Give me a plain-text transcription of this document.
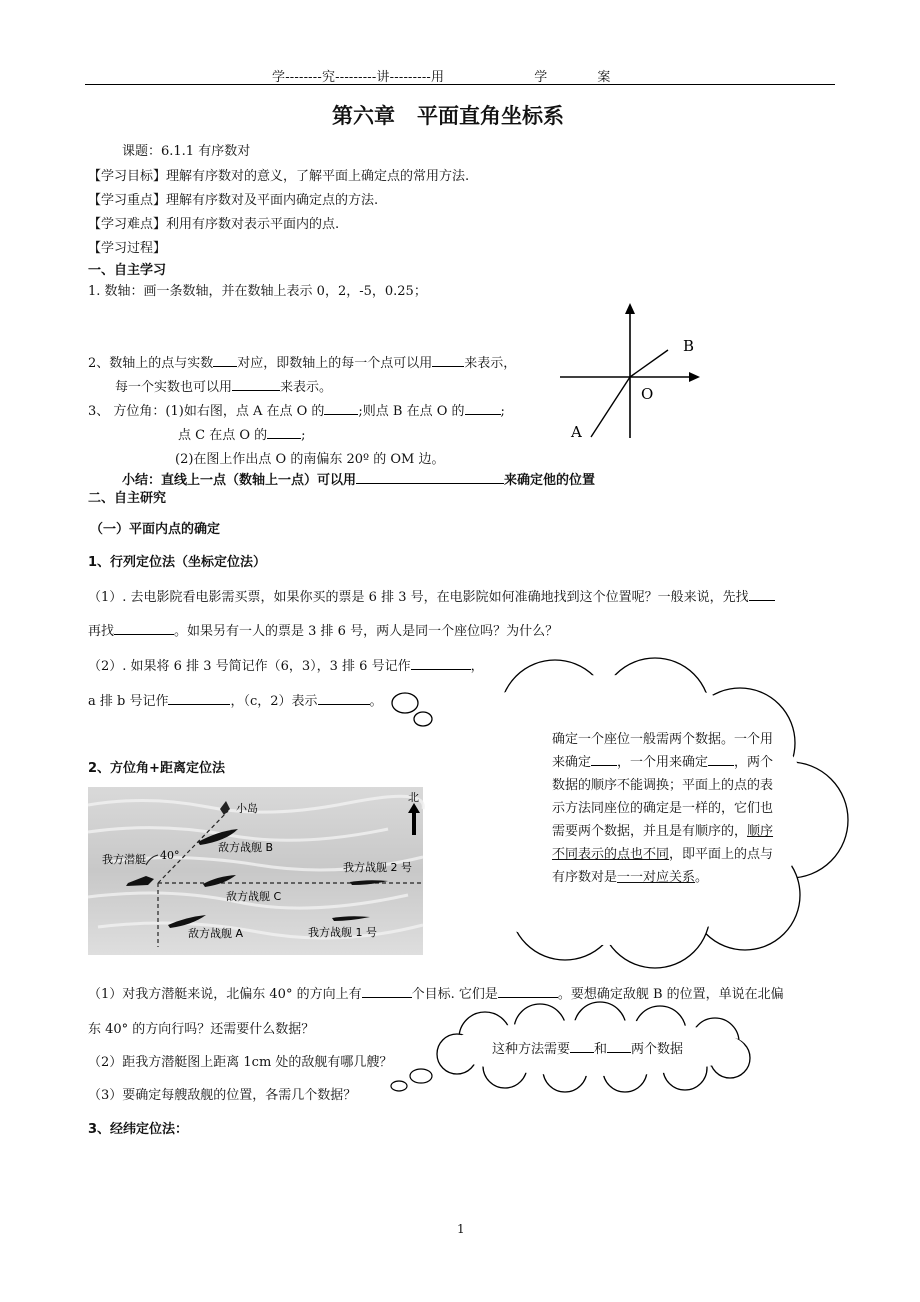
学--------究---------讲---------用	学	案
第六章 平面直角坐标系
课题：6.1.1 有序数对
【学习目标】理解有序数对的意义，了解平面上确定点的常用方法.
【学习重点】理解有序数对及平面内确定点的方法.
【学习难点】利用有序数对表示平面内的点.
【学习过程】
一、自主学习
1. 数轴：画一条数轴，并在数轴上表示 0，2，-5，0.25；
2、数轴上的点与实数 对应，即数轴上的每一个点可以用 来表示，
每一个实数也可以用	来表示。
3、 方位角：(1)如右图，点 A 在点 O 的	;则点 B 在点 O 的	;
点 C 在点 O 的	;
(2)在图上作出点 O 的南偏东 20º 的 OM 边。
小结：直线上一点（数轴上一点）可以用	来确定他的位置
B
O
A
二、自主研究
（一）平面内点的确定
1、行列定位法（坐标定位法）
（1）. 去电影院看电影需买票，如果你买的票是 6 排 3 号，在电影院如何准确地找到这个位置呢？一般来说，先找
再找	。如果另有一人的票是 3 排 6 号，两人是同一个座位吗？为什么？
（2）. 如果将 6 排 3 号简记作（6，3），3 排 6 号记作	，
a 排 b 号记作	，（c，2）表示	。
确定一个座位一般需两个数据。一个用
来确定 ，一个用来确定 ，两个
数据的顺序不能调换；平面上的点的表
示方法同座位的确定是一样的，它们也
需要两个数据，并且是有顺序的，顺序
不同表示的点也不同，即平面上的点与
有序数对是一一对应关系。
2、方位角+距离定位法
40°
我方潜艇
小岛
敌方战舰 B
敌方战舰 C
敌方战舰 A
我方战舰 2 号
我方战舰 1 号
北
（1）对我方潜艇来说，北偏东 40° 的方向上有	个目标. 它们是	。要想确定敌舰 B 的位置，单说在北偏
东 40° 的方向行吗？还需要什么数据？
（2）距我方潜艇图上距离 1cm 处的敌舰有哪几艘？
（3）要确定每艘敌舰的位置，各需几个数据？
这种方法需要 和 两个数据
3、经纬定位法：
1
